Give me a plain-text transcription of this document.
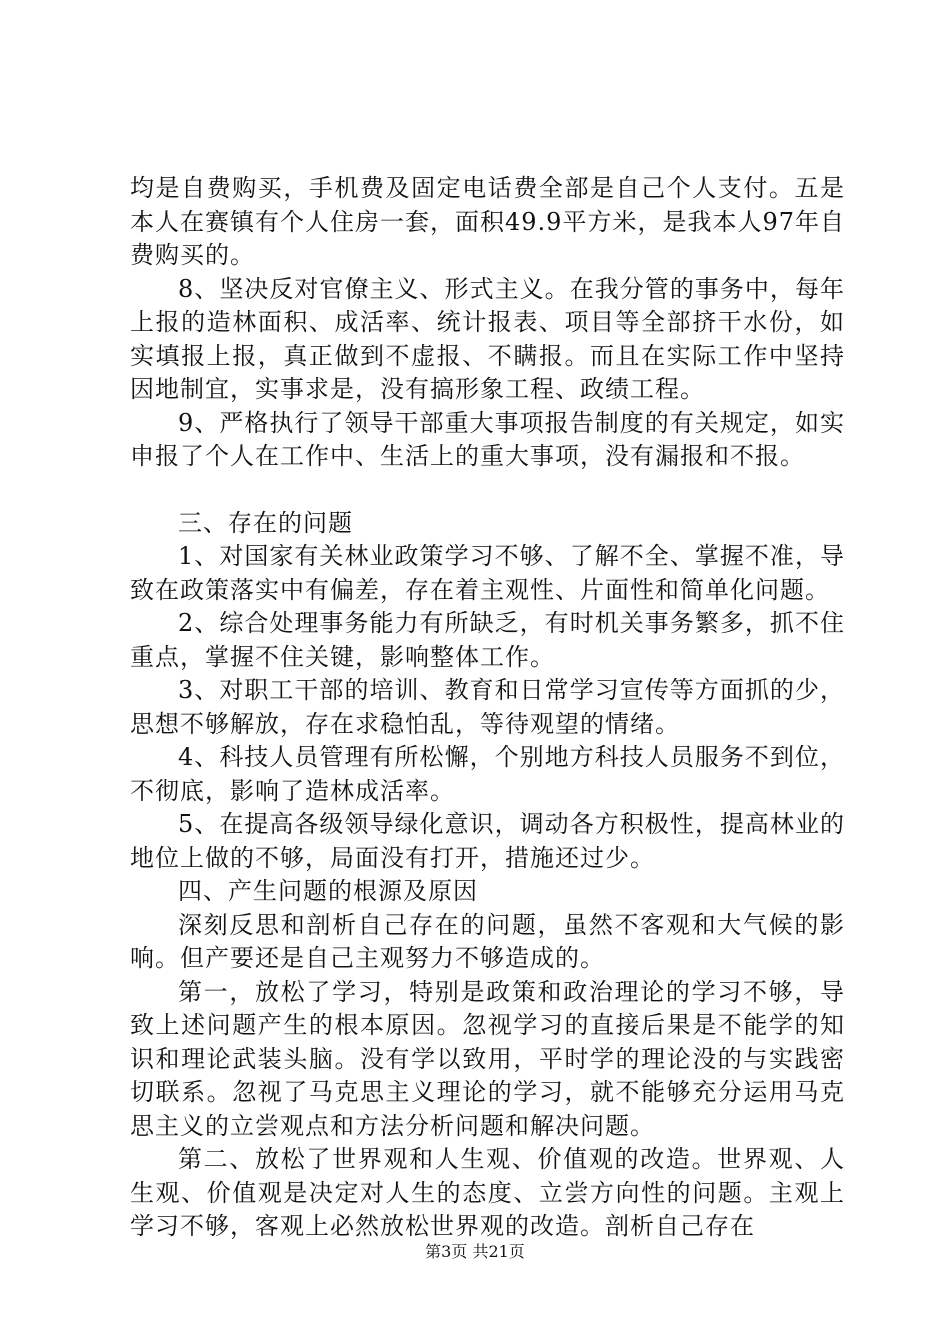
均是自费购买，手机费及固定电话费全部是自己个人支付。五是本人在赛镇有个人住房一套，面积49.9平方米，是我本人97年自费购买的。

8、坚决反对官僚主义、形式主义。在我分管的事务中，每年上报的造林面积、成活率、统计报表、项目等全部挤干水份，如实填报上报，真正做到不虚报、不瞒报。而且在实际工作中坚持因地制宜，实事求是，没有搞形象工程、政绩工程。

9、严格执行了领导干部重大事项报告制度的有关规定，如实申报了个人在工作中、生活上的重大事项，没有漏报和不报。

三、存在的问题

1、对国家有关林业政策学习不够、了解不全、掌握不准，导致在政策落实中有偏差，存在着主观性、片面性和简单化问题。

2、综合处理事务能力有所缺乏，有时机关事务繁多，抓不住重点，掌握不住关键，影响整体工作。

3、对职工干部的培训、教育和日常学习宣传等方面抓的少，思想不够解放，存在求稳怕乱，等待观望的情绪。

4、科技人员管理有所松懈，个别地方科技人员服务不到位，不彻底，影响了造林成活率。

5、在提高各级领导绿化意识，调动各方积极性，提高林业的地位上做的不够，局面没有打开，措施还过少。

四、产生问题的根源及原因

深刻反思和剖析自己存在的问题，虽然不客观和大气候的影响。但产要还是自己主观努力不够造成的。

第一，放松了学习，特别是政策和政治理论的学习不够，导致上述问题产生的根本原因。忽视学习的直接后果是不能学的知识和理论武装头脑。没有学以致用，平时学的理论没的与实践密切联系。忽视了马克思主义理论的学习，就不能够充分运用马克思主义的立尝观点和方法分析问题和解决问题。

第二、放松了世界观和人生观、价值观的改造。世界观、人生观、价值观是决定对人生的态度、立尝方向性的问题。主观上学习不够，客观上必然放松世界观的改造。剖析自己存在

第3页 共21页
